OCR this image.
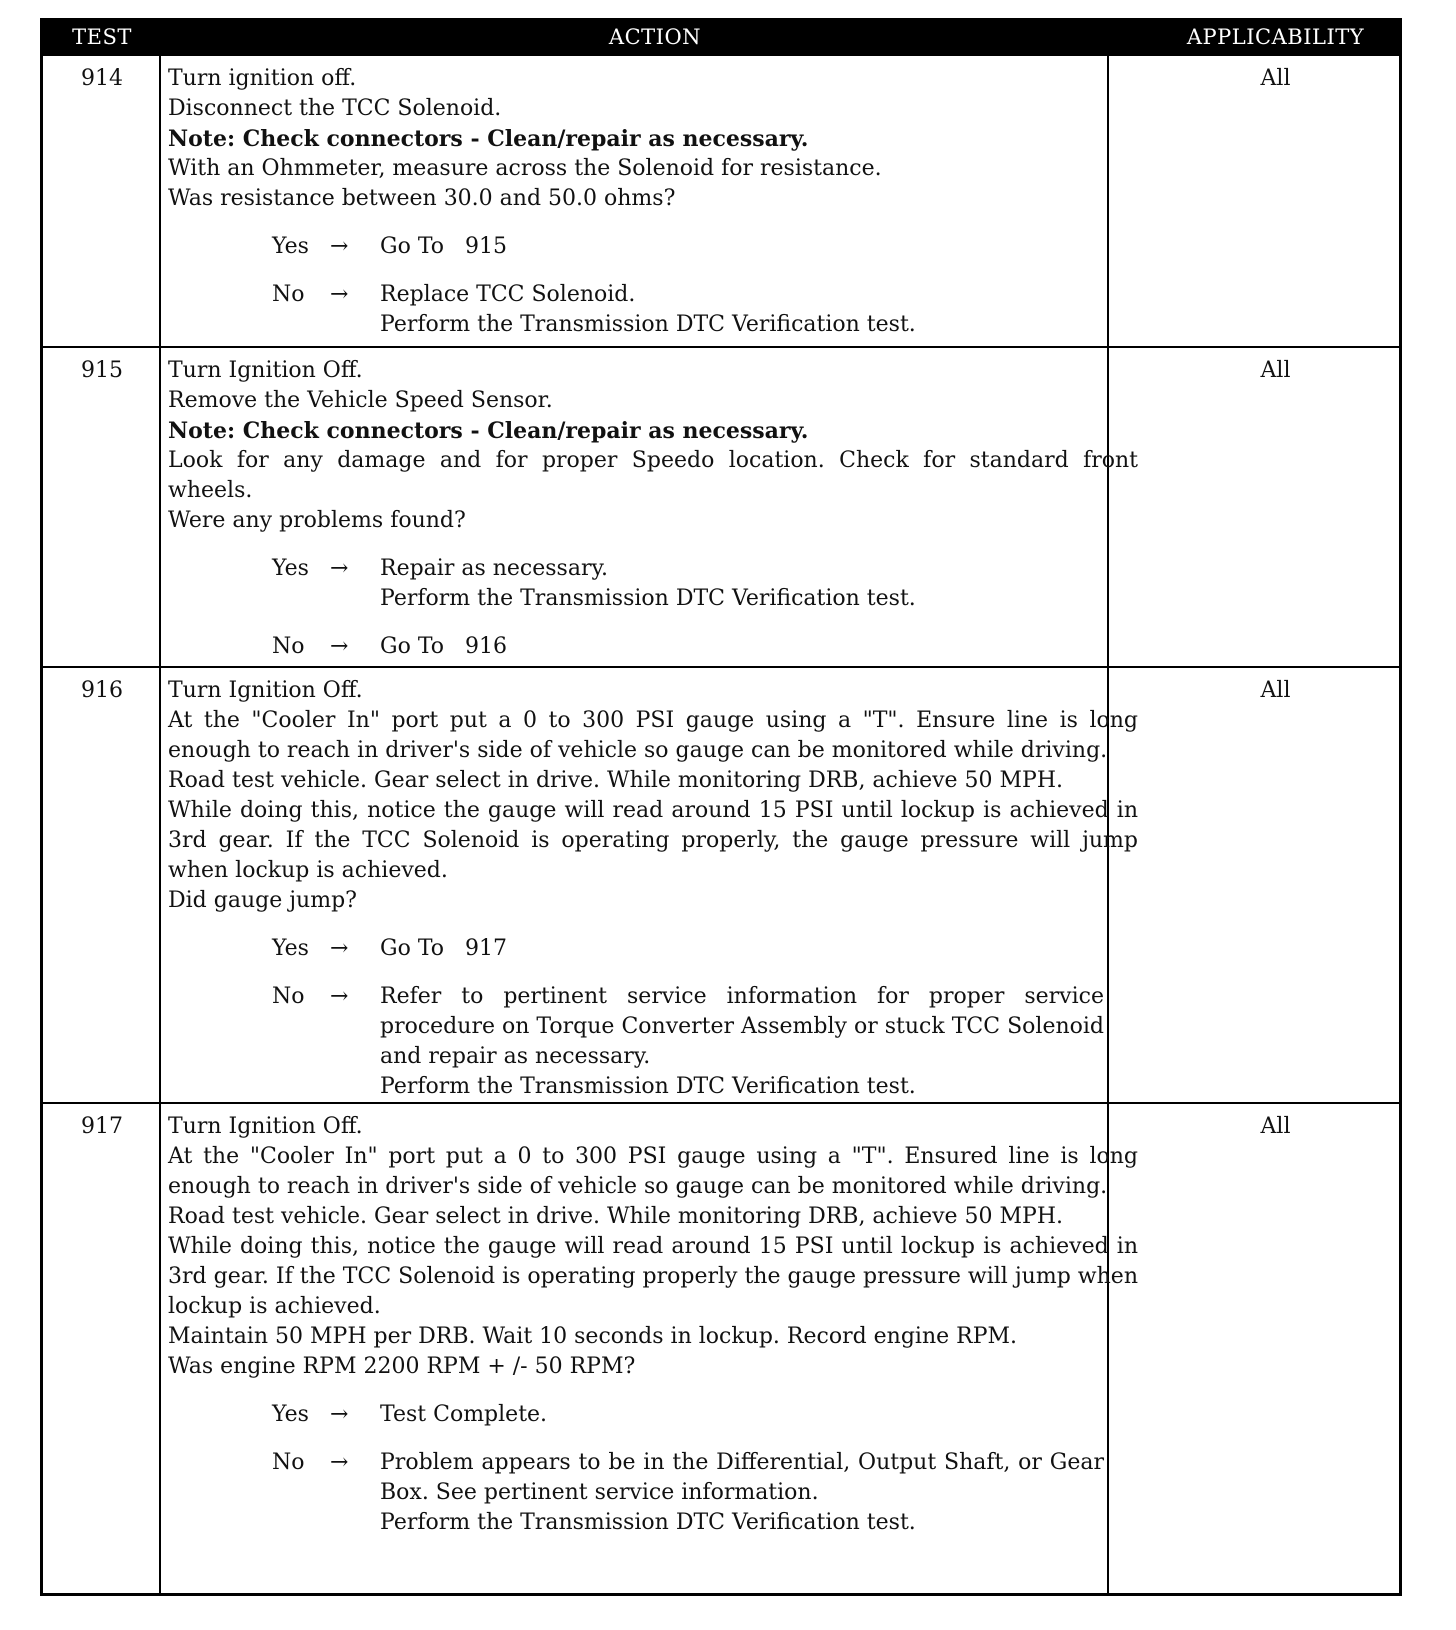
TEST	ACTION	APPLICABILITY
914	Turn ignition off.
Disconnect the TCC Solenoid.
Note: Check connectors - Clean/repair as necessary.
With an Ohmmeter, measure across the Solenoid for resistance.
Was resistance between 30.0 and 50.0 ohms?
Yes →	Go To   915
No	→	Replace TCC Solenoid.
Perform the Transmission DTC Verification test.
All
915	Turn Ignition Off.
Remove the Vehicle Speed Sensor.
Note: Check connectors - Clean/repair as necessary.
Look for any damage and for proper Speedo location. Check for standard front wheels.
Were any problems found?
Yes →	Repair as necessary.
Perform the Transmission DTC Verification test.
No	→	Go To   916
All
916	Turn Ignition Off.
At the "Cooler In" port put a 0 to 300 PSI gauge using a "T". Ensure line is long enough to reach in driver's side of vehicle so gauge can be monitored while driving.
Road test vehicle. Gear select in drive. While monitoring DRB, achieve 50 MPH.
While doing this, notice the gauge will read around 15 PSI until lockup is achieved in 3rd gear. If the TCC Solenoid is operating properly, the gauge pressure will jump when lockup is achieved.
Did gauge jump?
Yes →	Go To   917
No	→	Refer to pertinent service information for proper service procedure on Torque Converter Assembly or stuck TCC Solenoid and repair as necessary.
Perform the Transmission DTC Verification test.
All
917	Turn Ignition Off.
At the "Cooler In" port put a 0 to 300 PSI gauge using a "T". Ensured line is long enough to reach in driver's side of vehicle so gauge can be monitored while driving.
Road test vehicle. Gear select in drive. While monitoring DRB, achieve 50 MPH.
While doing this, notice the gauge will read around 15 PSI until lockup is achieved in 3rd gear. If the TCC Solenoid is operating properly the gauge pressure will jump when lockup is achieved.
Maintain 50 MPH per DRB. Wait 10 seconds in lockup. Record engine RPM.
Was engine RPM 2200 RPM + /- 50 RPM?
Yes →	Test Complete.
No	→	Problem appears to be in the Differential, Output Shaft, or Gear Box. See pertinent service information.
Perform the Transmission DTC Verification test.
All
